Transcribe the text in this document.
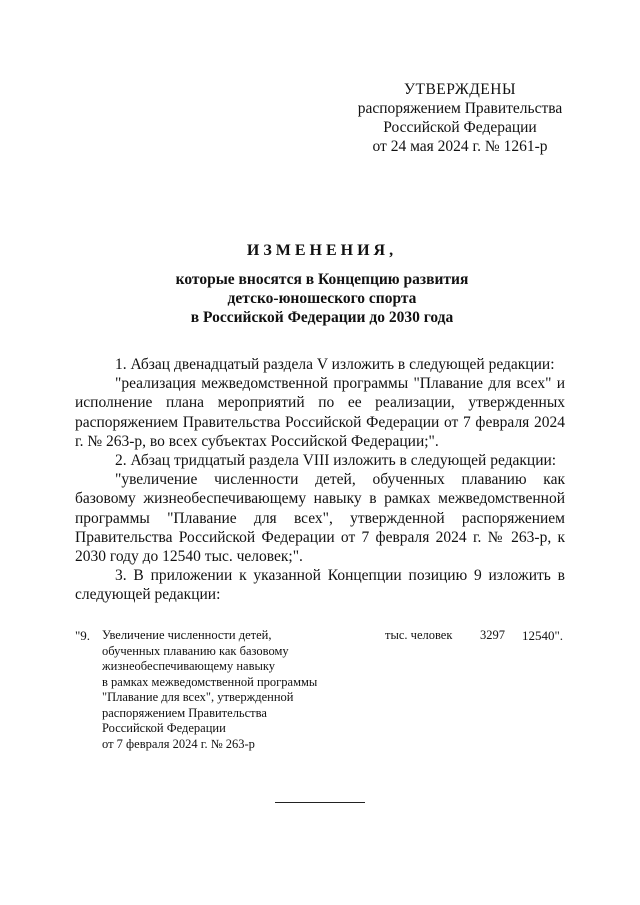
УТВЕРЖДЕНЫ
распоряжением Правительства
Российской Федерации
от 24 мая 2024 г. № 1261-р
ИЗМЕНЕНИЯ,
которые вносятся в Концепцию развития
детско-юношеского спорта
в Российской Федерации до 2030 года

1. Абзац двенадцатый раздела V изложить в следующей редакции:

"реализация межведомственной программы "Плавание для всех" и исполнение плана мероприятий по ее реализации, утвержденных распоряжением Правительства Российской Федерации от 7 февраля 2024 г. № 263-р, во всех субъектах Российской Федерации;".

2. Абзац тридцатый раздела VIII изложить в следующей редакции:

"увеличение численности детей, обученных плаванию как базовому жизнеобеспечивающему навыку в рамках межведомственной программы "Плавание для всех", утвержденной распоряжением Правительства Российской Федерации от 7 февраля 2024 г. № 263-р, к 2030 году до 12540 тыс. человек;".

3. В приложении к указанной Концепции позицию 9 изложить в следующей редакции:

"9. Увеличение численности детей,
обученных плаванию как базовому
жизнеобеспечивающему навыку
в рамках межведомственной программы
"Плавание для всех", утвержденной
распоряжением Правительства
Российской Федерации
от 7 февраля 2024 г. № 263-р
тыс. человек 3297 12540".
